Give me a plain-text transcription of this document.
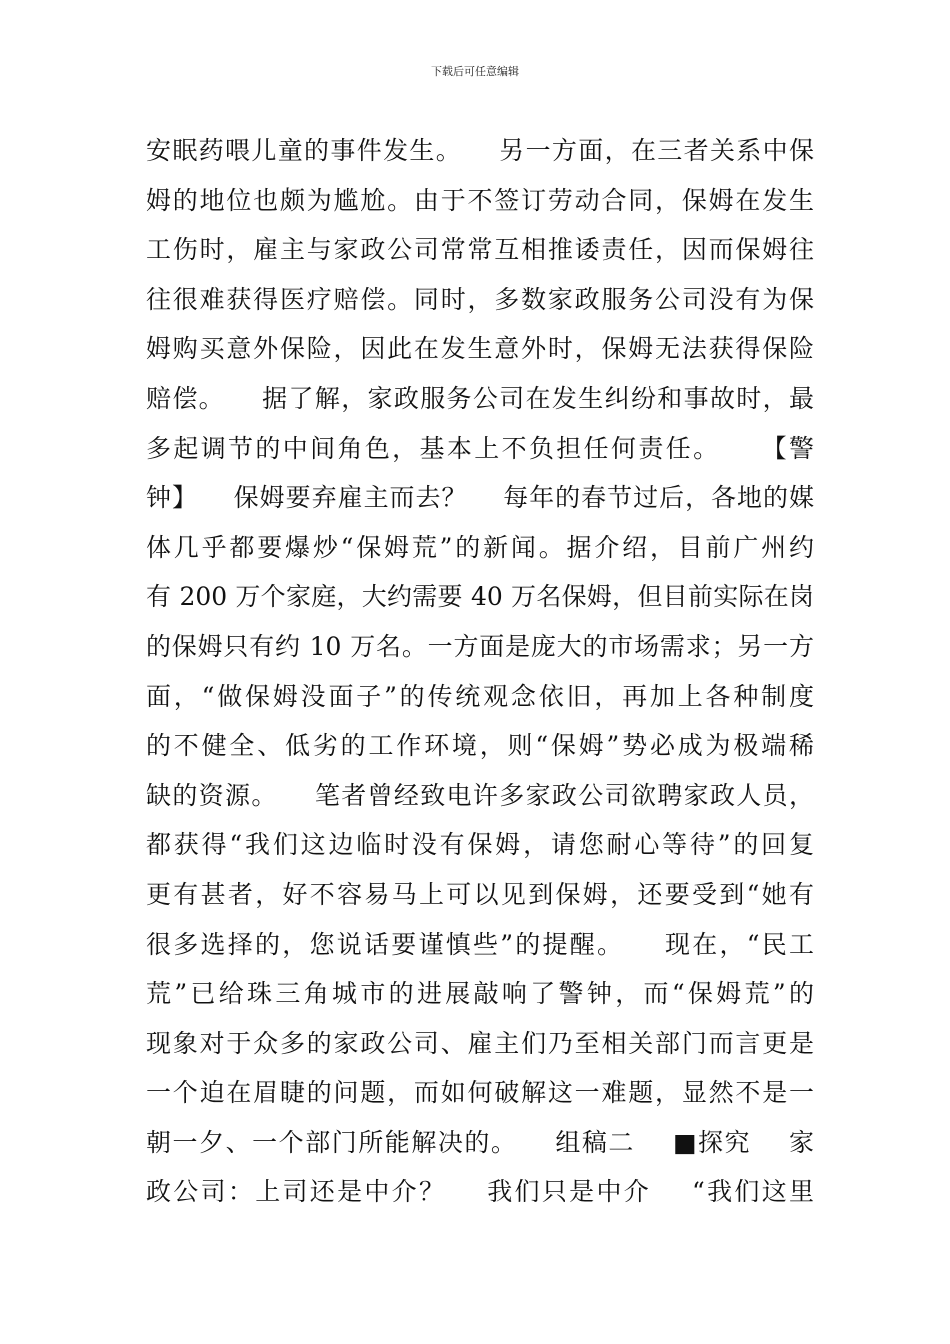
下载后可任意编辑
安眠药喂儿童的事件发生。    另一方面，在三者关系中保
姆的地位也颇为尴尬。由于不签订劳动合同，保姆在发生
工伤时，雇主与家政公司常常互相推诿责任，因而保姆往
往很难获得医疗赔偿。同时，多数家政服务公司没有为保
姆购买意外保险，因此在发生意外时，保姆无法获得保险
赔偿。    据了解，家政服务公司在发生纠纷和事故时，最
多起调节的中间角色，基本上不负担任何责任。    【警
钟】    保姆要弃雇主而去？    每年的春节过后，各地的媒
体几乎都要爆炒“保姆荒”的新闻。据介绍，目前广州约
有 200 万个家庭，大约需要 40 万名保姆，但目前实际在岗
的保姆只有约 10 万名。一方面是庞大的市场需求；另一方
面，“做保姆没面子”的传统观念依旧，再加上各种制度
的不健全、低劣的工作环境，则“保姆”势必成为极端稀
缺的资源。    笔者曾经致电许多家政公司欲聘家政人员，
都获得“我们这边临时没有保姆，请您耐心等待”的回复
更有甚者，好不容易马上可以见到保姆，还要受到“她有
很多选择的，您说话要谨慎些”的提醒。    现在，“民工
荒”已给珠三角城市的进展敲响了警钟，而“保姆荒”的
现象对于众多的家政公司、雇主们乃至相关部门而言更是
一个迫在眉睫的问题，而如何破解这一难题，显然不是一
朝一夕、一个部门所能解决的。    组稿二    ■探究    家
政公司：上司还是中介？    我们只是中介    “我们这里
